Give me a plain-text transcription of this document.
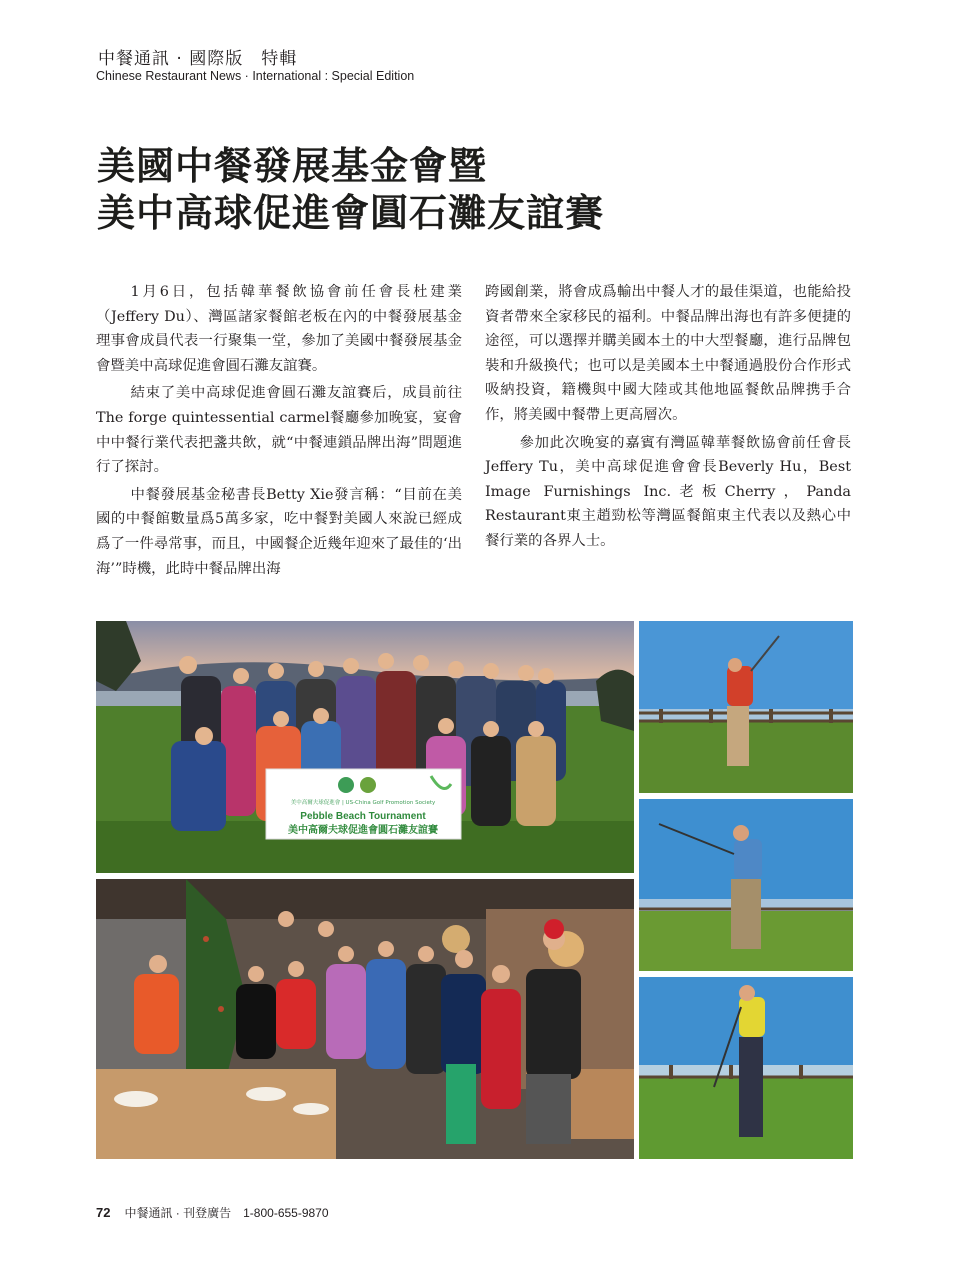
中餐通訊 · 國際版　特輯
Chinese Restaurant News · International : Special Edition
美國中餐發展基金會暨
美中高球促進會圓石灘友誼賽

1月6日，包括韓華餐飲協會前任會長杜建業（Jeffery Du）、灣區諸家餐館老板在內的中餐發展基金理事會成員代表一行聚集一堂，參加了美國中餐發展基金會暨美中高球促進會圓石灘友誼賽。

結束了美中高球促進會圓石灘友誼賽后，成員前往The forge quintessential carmel餐廳參加晚宴，宴會中中餐行業代表把盞共飲，就“中餐連鎖品牌出海”問題進行了探討。

中餐發展基金秘書長Betty Xie發言稱：“目前在美國的中餐館數量爲5萬多家，吃中餐對美國人來說已經成爲了一件尋常事，而且，中國餐企近幾年迎來了最佳的‘出海’”時機，此時中餐品牌出海

跨國創業，將會成爲輸出中餐人才的最佳渠道，也能給投資者帶來全家移民的福利。中餐品牌出海也有許多便捷的途徑，可以選擇并購美國本土的中大型餐廳，進行品牌包裝和升級換代；也可以是美國本土中餐通過股份合作形式吸納投資，籍機與中國大陸或其他地區餐飲品牌携手合作，將美國中餐帶上更高層次。

參加此次晚宴的嘉賓有灣區韓華餐飲協會前任會長Jeffery Tu，美中高球促進會會長Beverly Hu，Best Image Furnishings Inc.老板Cherry，Panda Restaurant東主趙勁松等灣區餐館東主代表以及熱心中餐行業的各界人士。

美中高爾夫球促進會 | US-China Golf Promotion Society
Pebble Beach Tournament
美中高爾夫球促進會圓石灘友誼賽
72 中餐通訊 · 刊登廣告　1-800-655-9870
